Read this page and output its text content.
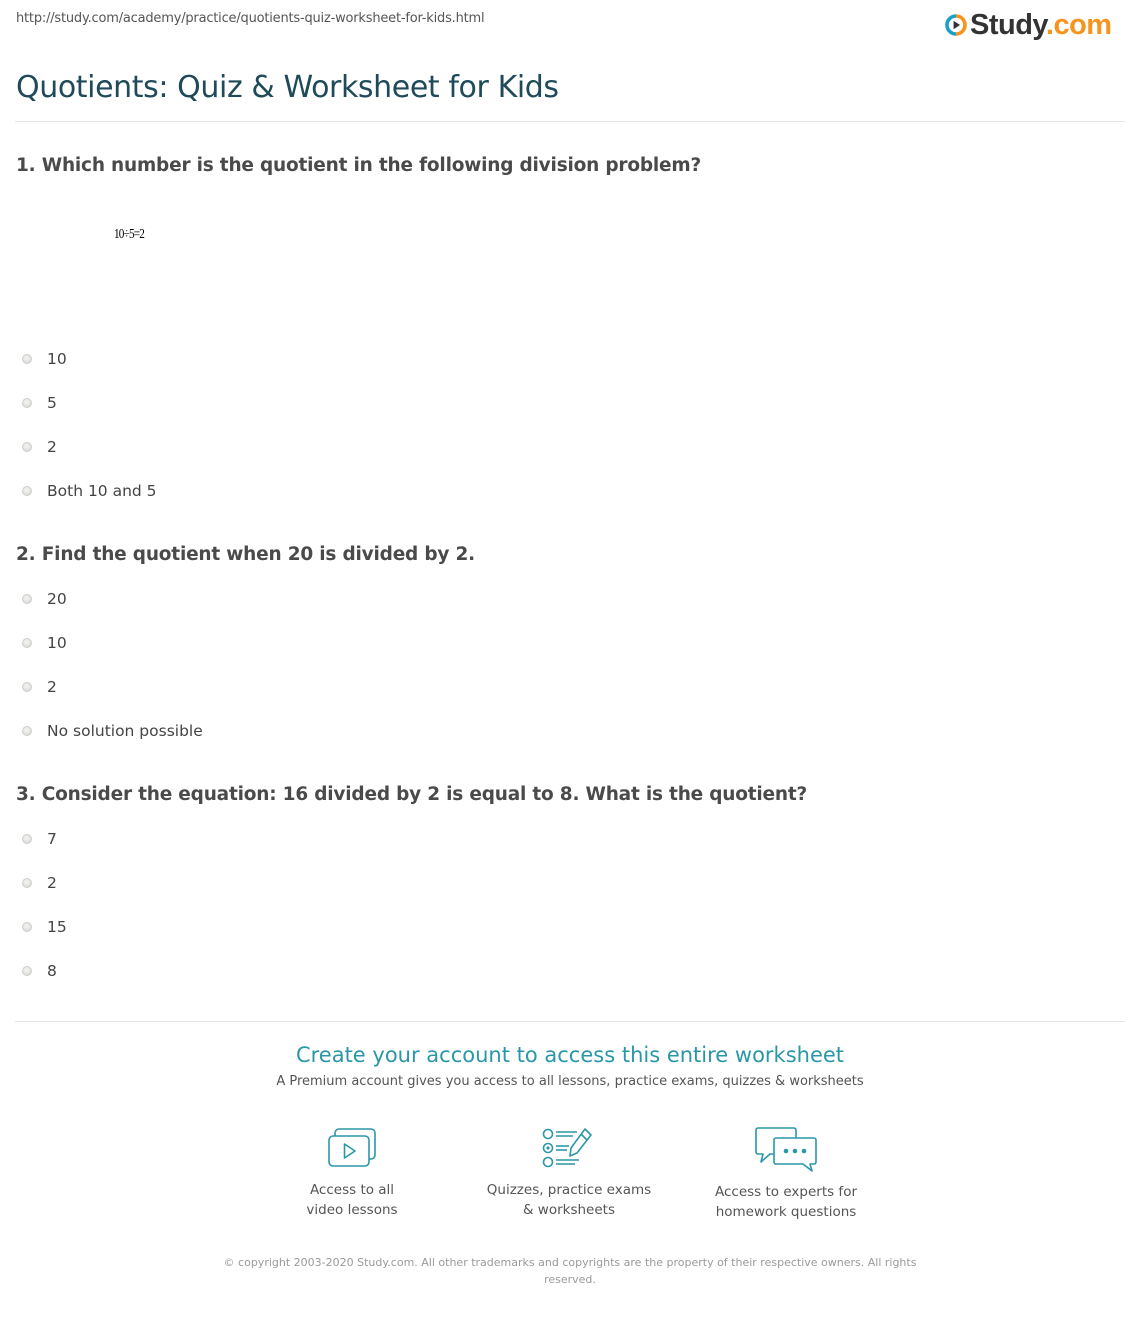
http://study.com/academy/practice/quotients-quiz-worksheet-for-kids.html	Study.com
Quotients: Quiz & Worksheet for Kids
1. Which number is the quotient in the following division problem?
10÷5=2
10
5
2
Both 10 and 5
2. Find the quotient when 20 is divided by 2.
20
10
2
No solution possible
3. Consider the equation: 16 divided by 2 is equal to 8. What is the quotient?
7
2
15
8
Create your account to access this entire worksheet
A Premium account gives you access to all lessons, practice exams, quizzes & worksheets
Access to all
video lessons
Quizzes, practice exams
& worksheets
Access to experts for
homework questions
© copyright 2003-2020 Study.com. All other trademarks and copyrights are the property of their respective owners. All rights reserved.
